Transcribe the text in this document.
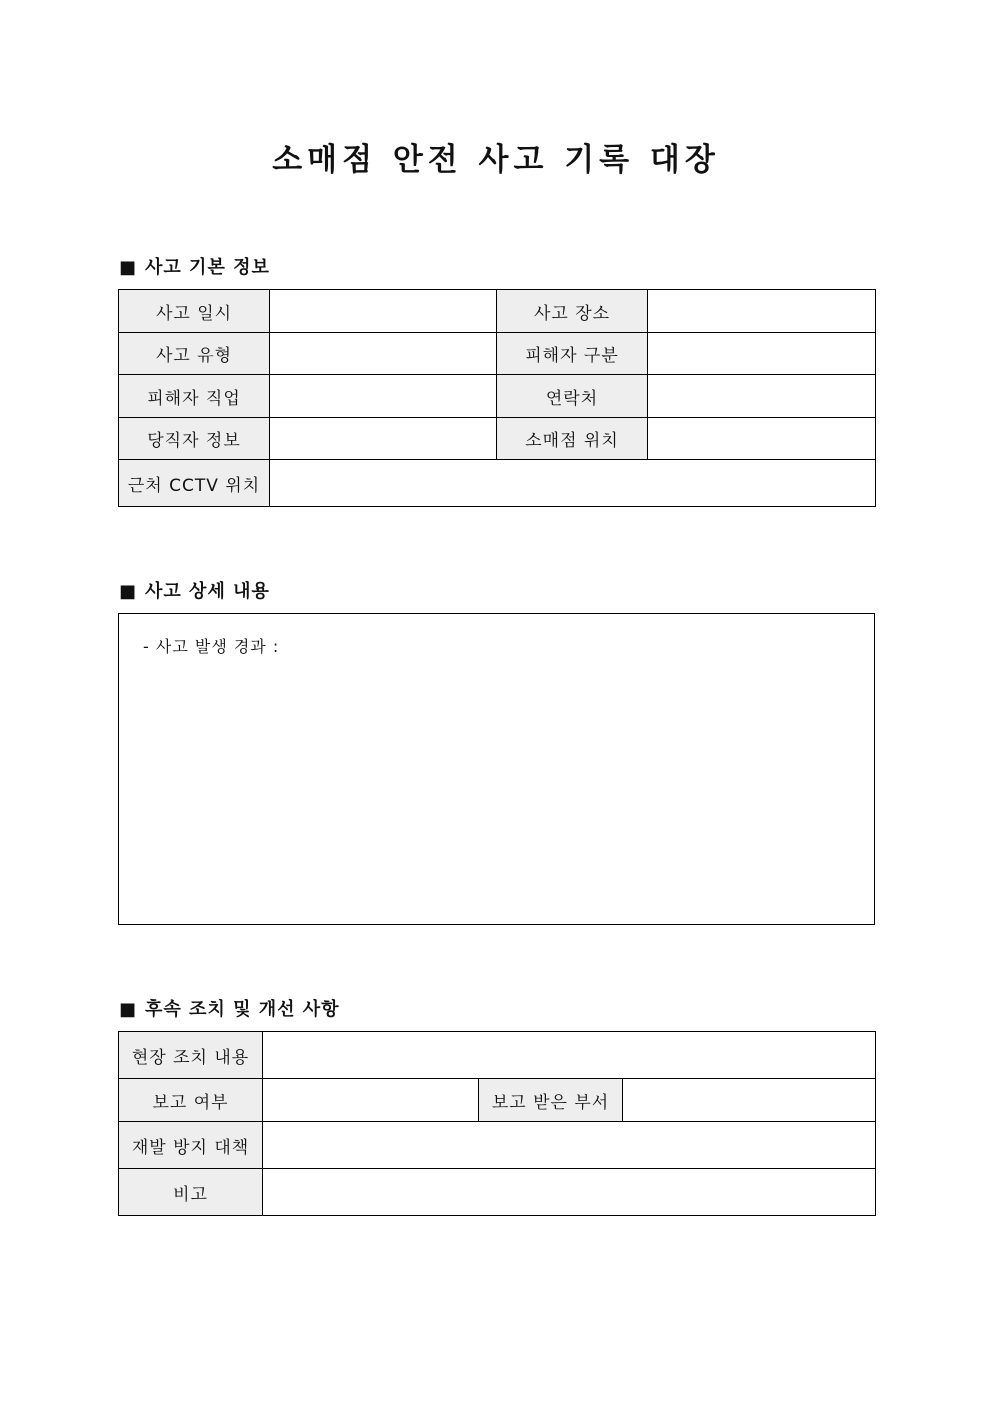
소매점 안전 사고 기록 대장
■ 사고 기본 정보
사고 일시		사고 장소	
사고 유형		피해자 구분	
피해자 직업		연락처	
당직자 정보		소매점 위치	
근처 CCTV 위치			
■ 사고 상세 내용
- 사고 발생 경과 :
■ 후속 조치 및 개선 사항
현장 조치 내용			
보고 여부		보고 받은 부서	
재발 방지 대책			
비고			
